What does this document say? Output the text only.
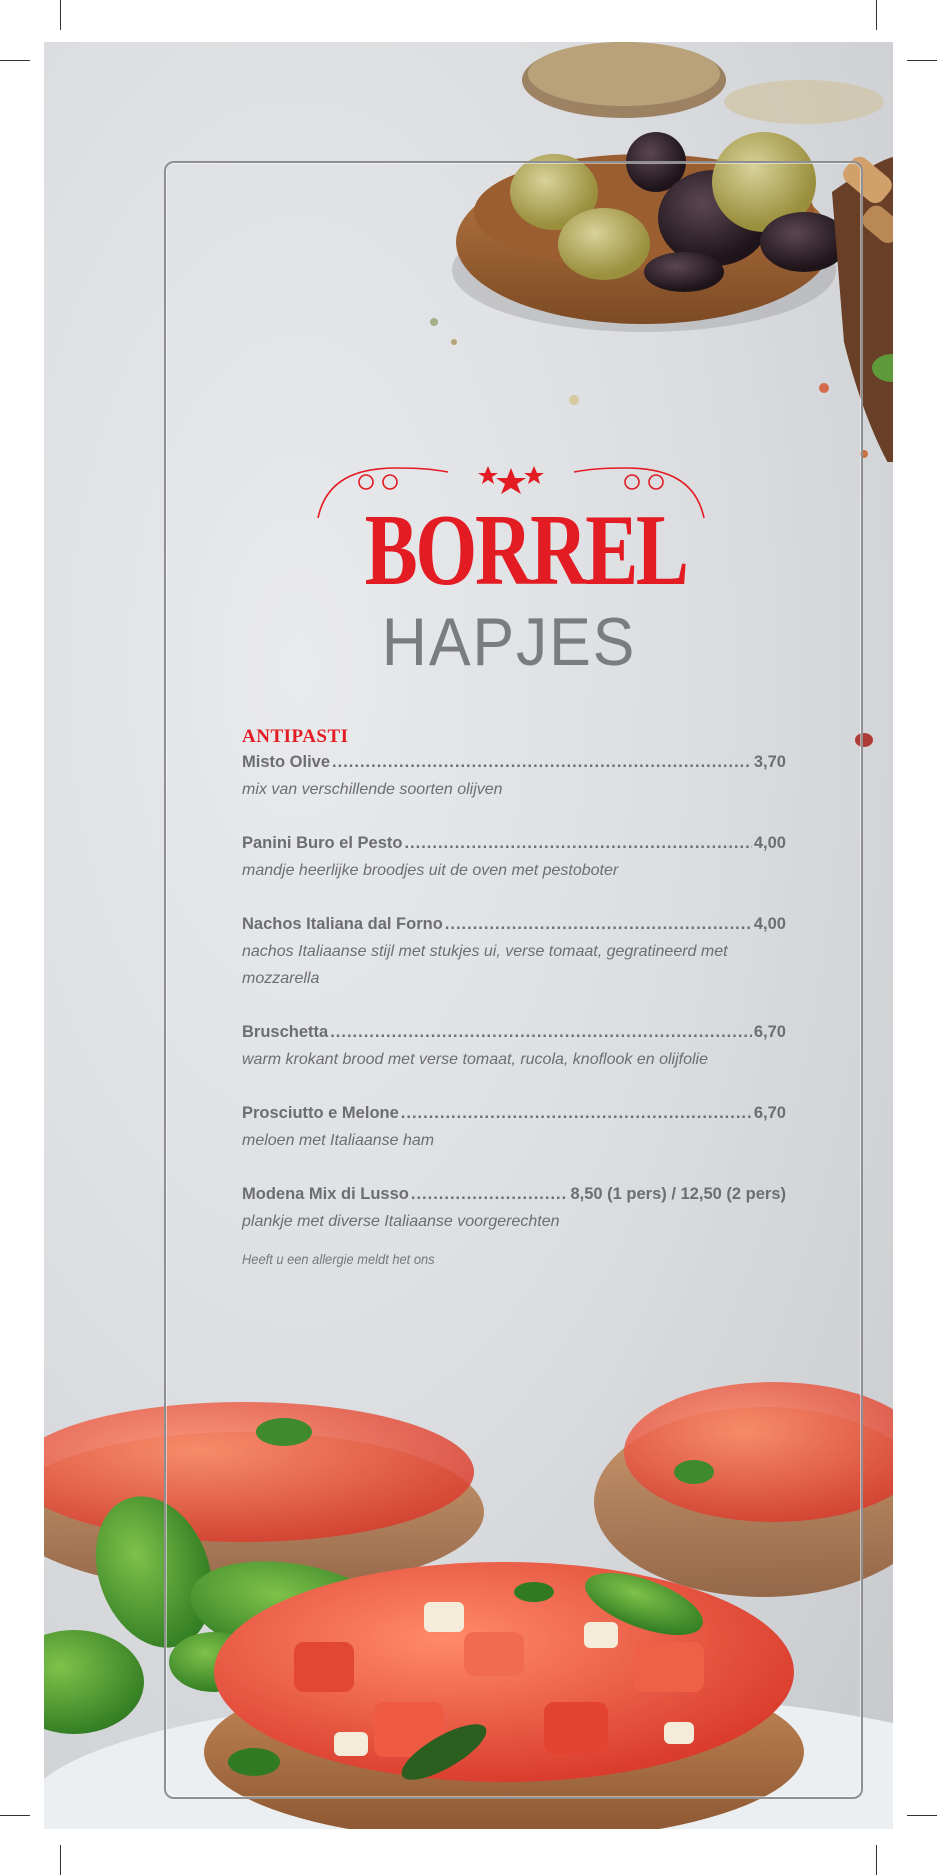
BORREL
HAPJES
ANTIPASTI
Misto Olive .....	3,70
mix van verschillende soorten olijven
Panini Buro el Pesto .....	4,00
mandje heerlijke broodjes uit de oven met pestoboter
Nachos Italiana dal Forno .....	4,00
nachos Italiaanse stijl met stukjes ui, verse tomaat, gegratineerd met mozzarella
Bruschetta .....	6,70
warm krokant brood met verse tomaat, rucola, knoflook en olijfolie
Prosciutto e Melone .....	6,70
meloen met Italiaanse ham
Modena Mix di Lusso .....	8,50 (1 pers) / 12,50 (2 pers)
plankje met diverse Italiaanse voorgerechten
Heeft u een allergie meldt het ons
